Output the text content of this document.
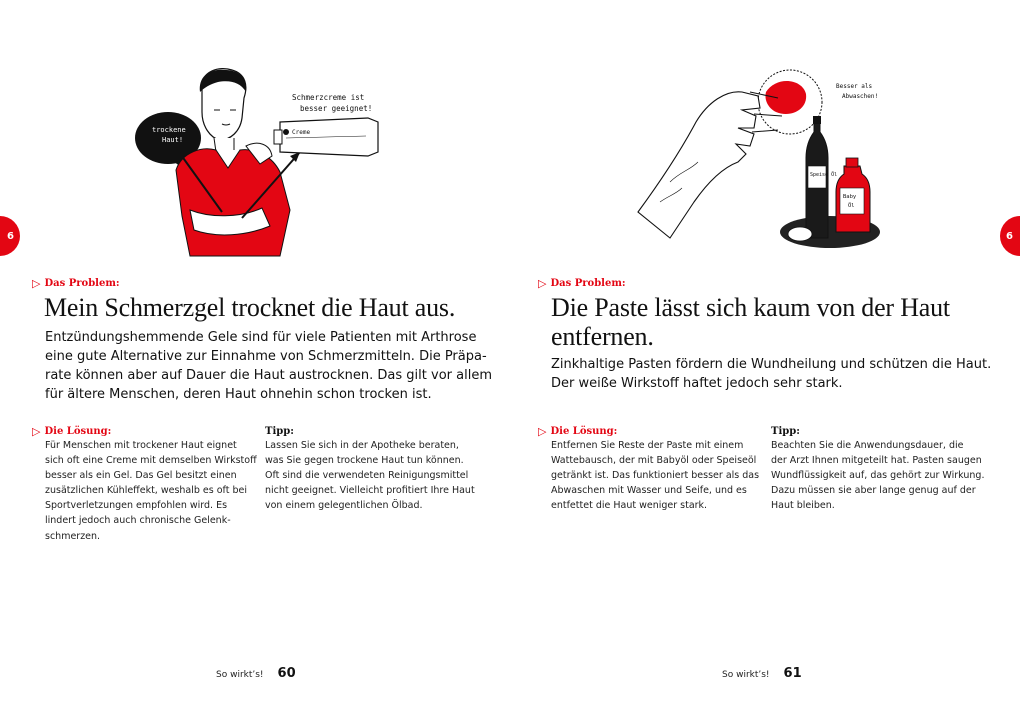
trockene
Haut!
Creme
Schmerzcreme ist
besser geeignet!
6
▷ Das Problem:
Mein Schmerzgel trocknet die Haut aus.
Entzündungshemmende Gele sind für viele Patienten mit Arthrose
eine gute Alternative zur Einnahme von Schmerzmitteln. Die Präpa-
rate können aber auf Dauer die Haut austrocknen. Das gilt vor allem
für ältere Menschen, deren Haut ohnehin schon trocken ist.
▷ Die Lösung:
Für Menschen mit trockener Haut eignet
sich oft eine Creme mit demselben Wirkstoff
besser als ein Gel. Das Gel besitzt einen
zusätzlichen Kühleffekt, weshalb es oft bei
Sportverletzungen empfohlen wird. Es
lindert jedoch auch chronische Gelenk-
schmerzen.
Tipp:
Lassen Sie sich in der Apotheke beraten,
was Sie gegen trockene Haut tun können.
Oft sind die verwendeten Reinigungsmittel
nicht geeignet. Vielleicht profitiert Ihre Haut
von einem gelegentlichen Ölbad.
So wirkt’s! 60
Speise Öl
Baby
Öl
Besser als
Abwaschen!
6
▷ Das Problem:
Die Paste lässt sich kaum von der Haut
entfernen.
Zinkhaltige Pasten fördern die Wundheilung und schützen die Haut.
Der weiße Wirkstoff haftet jedoch sehr stark.
▷ Die Lösung:
Entfernen Sie Reste der Paste mit einem
Wattebausch, der mit Babyöl oder Speiseöl
getränkt ist. Das funktioniert besser als das
Abwaschen mit Wasser und Seife, und es
entfettet die Haut weniger stark.
Tipp:
Beachten Sie die Anwendungsdauer, die
der Arzt Ihnen mitgeteilt hat. Pasten saugen
Wundflüssigkeit auf, das gehört zur Wirkung.
Dazu müssen sie aber lange genug auf der
Haut bleiben.
So wirkt’s! 61
